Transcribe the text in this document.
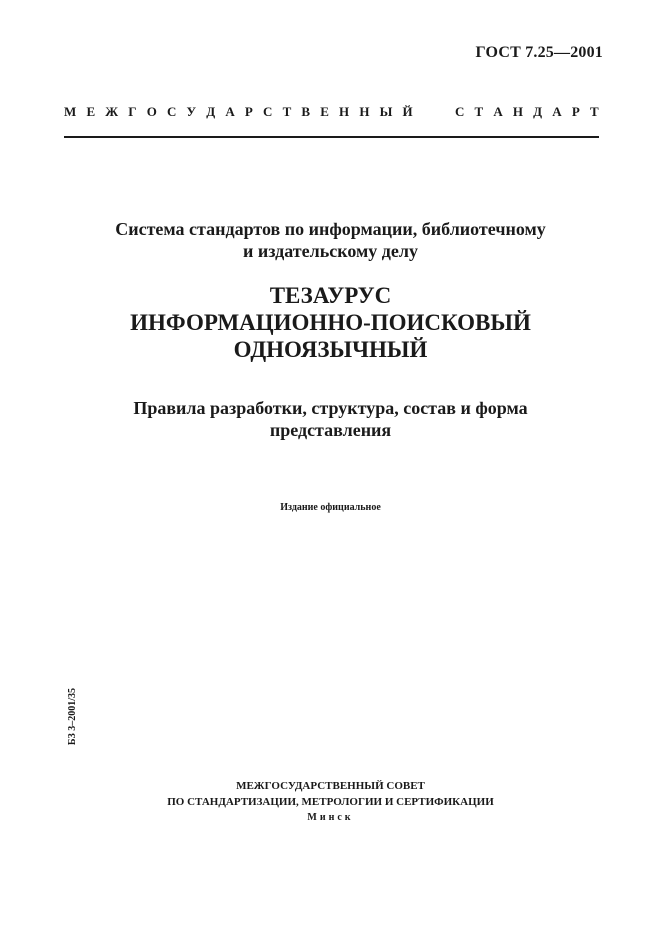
ГОСТ 7.25—2001
М Е Ж Г О С У Д А Р С Т В Е Н Н Ы Й	С Т А Н Д А Р Т
Система стандартов по информации, библиотечному
и издательскому делу
ТЕЗАУРУС
ИНФОРМАЦИОННО-ПОИСКОВЫЙ
ОДНОЯЗЫЧНЫЙ
Правила разработки, структура, состав и форма
представления
Издание официальное
БЗ 3–2001/35
МЕЖГОСУДАРСТВЕННЫЙ СОВЕТ
ПО СТАНДАРТИЗАЦИИ, МЕТРОЛОГИИ И СЕРТИФИКАЦИИ
Минск
